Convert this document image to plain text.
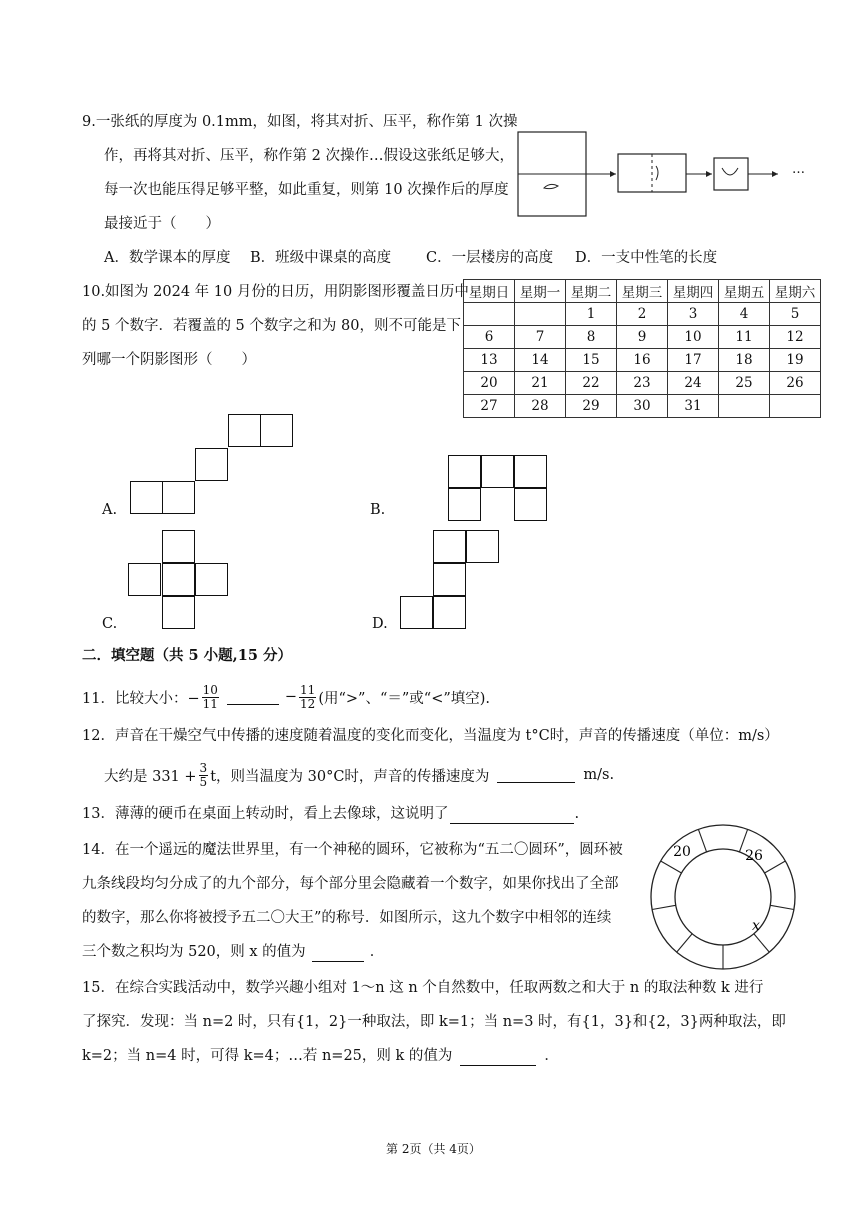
9.一张纸的厚度为 0.1mm，如图，将其对折、压平，称作第 1 次操
作，再将其对折、压平，称作第 2 次操作…假设这张纸足够大，
每一次也能压得足够平整，如此重复，则第 10 次操作后的厚度
最接近于（　　）
…
A．数学课本的厚度 B．班级中课桌的高度 C．一层楼房的高度 D．一支中性笔的长度
10.如图为 2024 年 10 月份的日历，用阴影图形覆盖日历中
的 5 个数字．若覆盖的 5 个数字之和为 80，则不可能是下
列哪一个阴影图形（　　）
星期日	星期一	星期二	星期三	星期四	星期五	星期六
		1	2	3	4	5
6	7	8	9	10	11	12
13	14	15	16	17	18	19
20	21	22	23	24	25	26
27	28	29	30	31		
A.	B.
C.	D.
二．填空题（共 5 小题,15 分）
11．比较大小：− $\frac{10}{11}$	− $\frac{11}{12}$ (用“>”、“＝”或“<”填空).
12．声音在干燥空气中传播的速度随着温度的变化而变化，当温度为 t°C时，声音的传播速度（单位：m/s）
大约是 $331 + \frac{3}{5}$ t，则当温度为 30°C时，声音的传播速度为	m/s.
13．薄薄的硬币在桌面上转动时，看上去像球，这说明了	.
14．在一个遥远的魔法世界里，有一个神秘的圆环，它被称为“五二〇圆环”，圆环被
九条线段均匀分成了的九个部分，每个部分里会隐藏着一个数字，如果你找出了全部
的数字，那么你将被授予五二〇大王”的称号．如图所示，这九个数字中相邻的连续
三个数之积均为 520，则 x 的值为	．
20	26
x
15．在综合实践活动中，数学兴趣小组对 1～n 这 n 个自然数中，任取两数之和大于 n 的取法种数 k 进行
了探究．发现：当 n=2 时，只有{1，2}一种取法，即 k=1；当 n=3 时，有{1，3}和{2，3}两种取法，即
k=2；当 n=4 时，可得 k=4；…若 n=25，则 k 的值为	．
第 2页（共 4页）
